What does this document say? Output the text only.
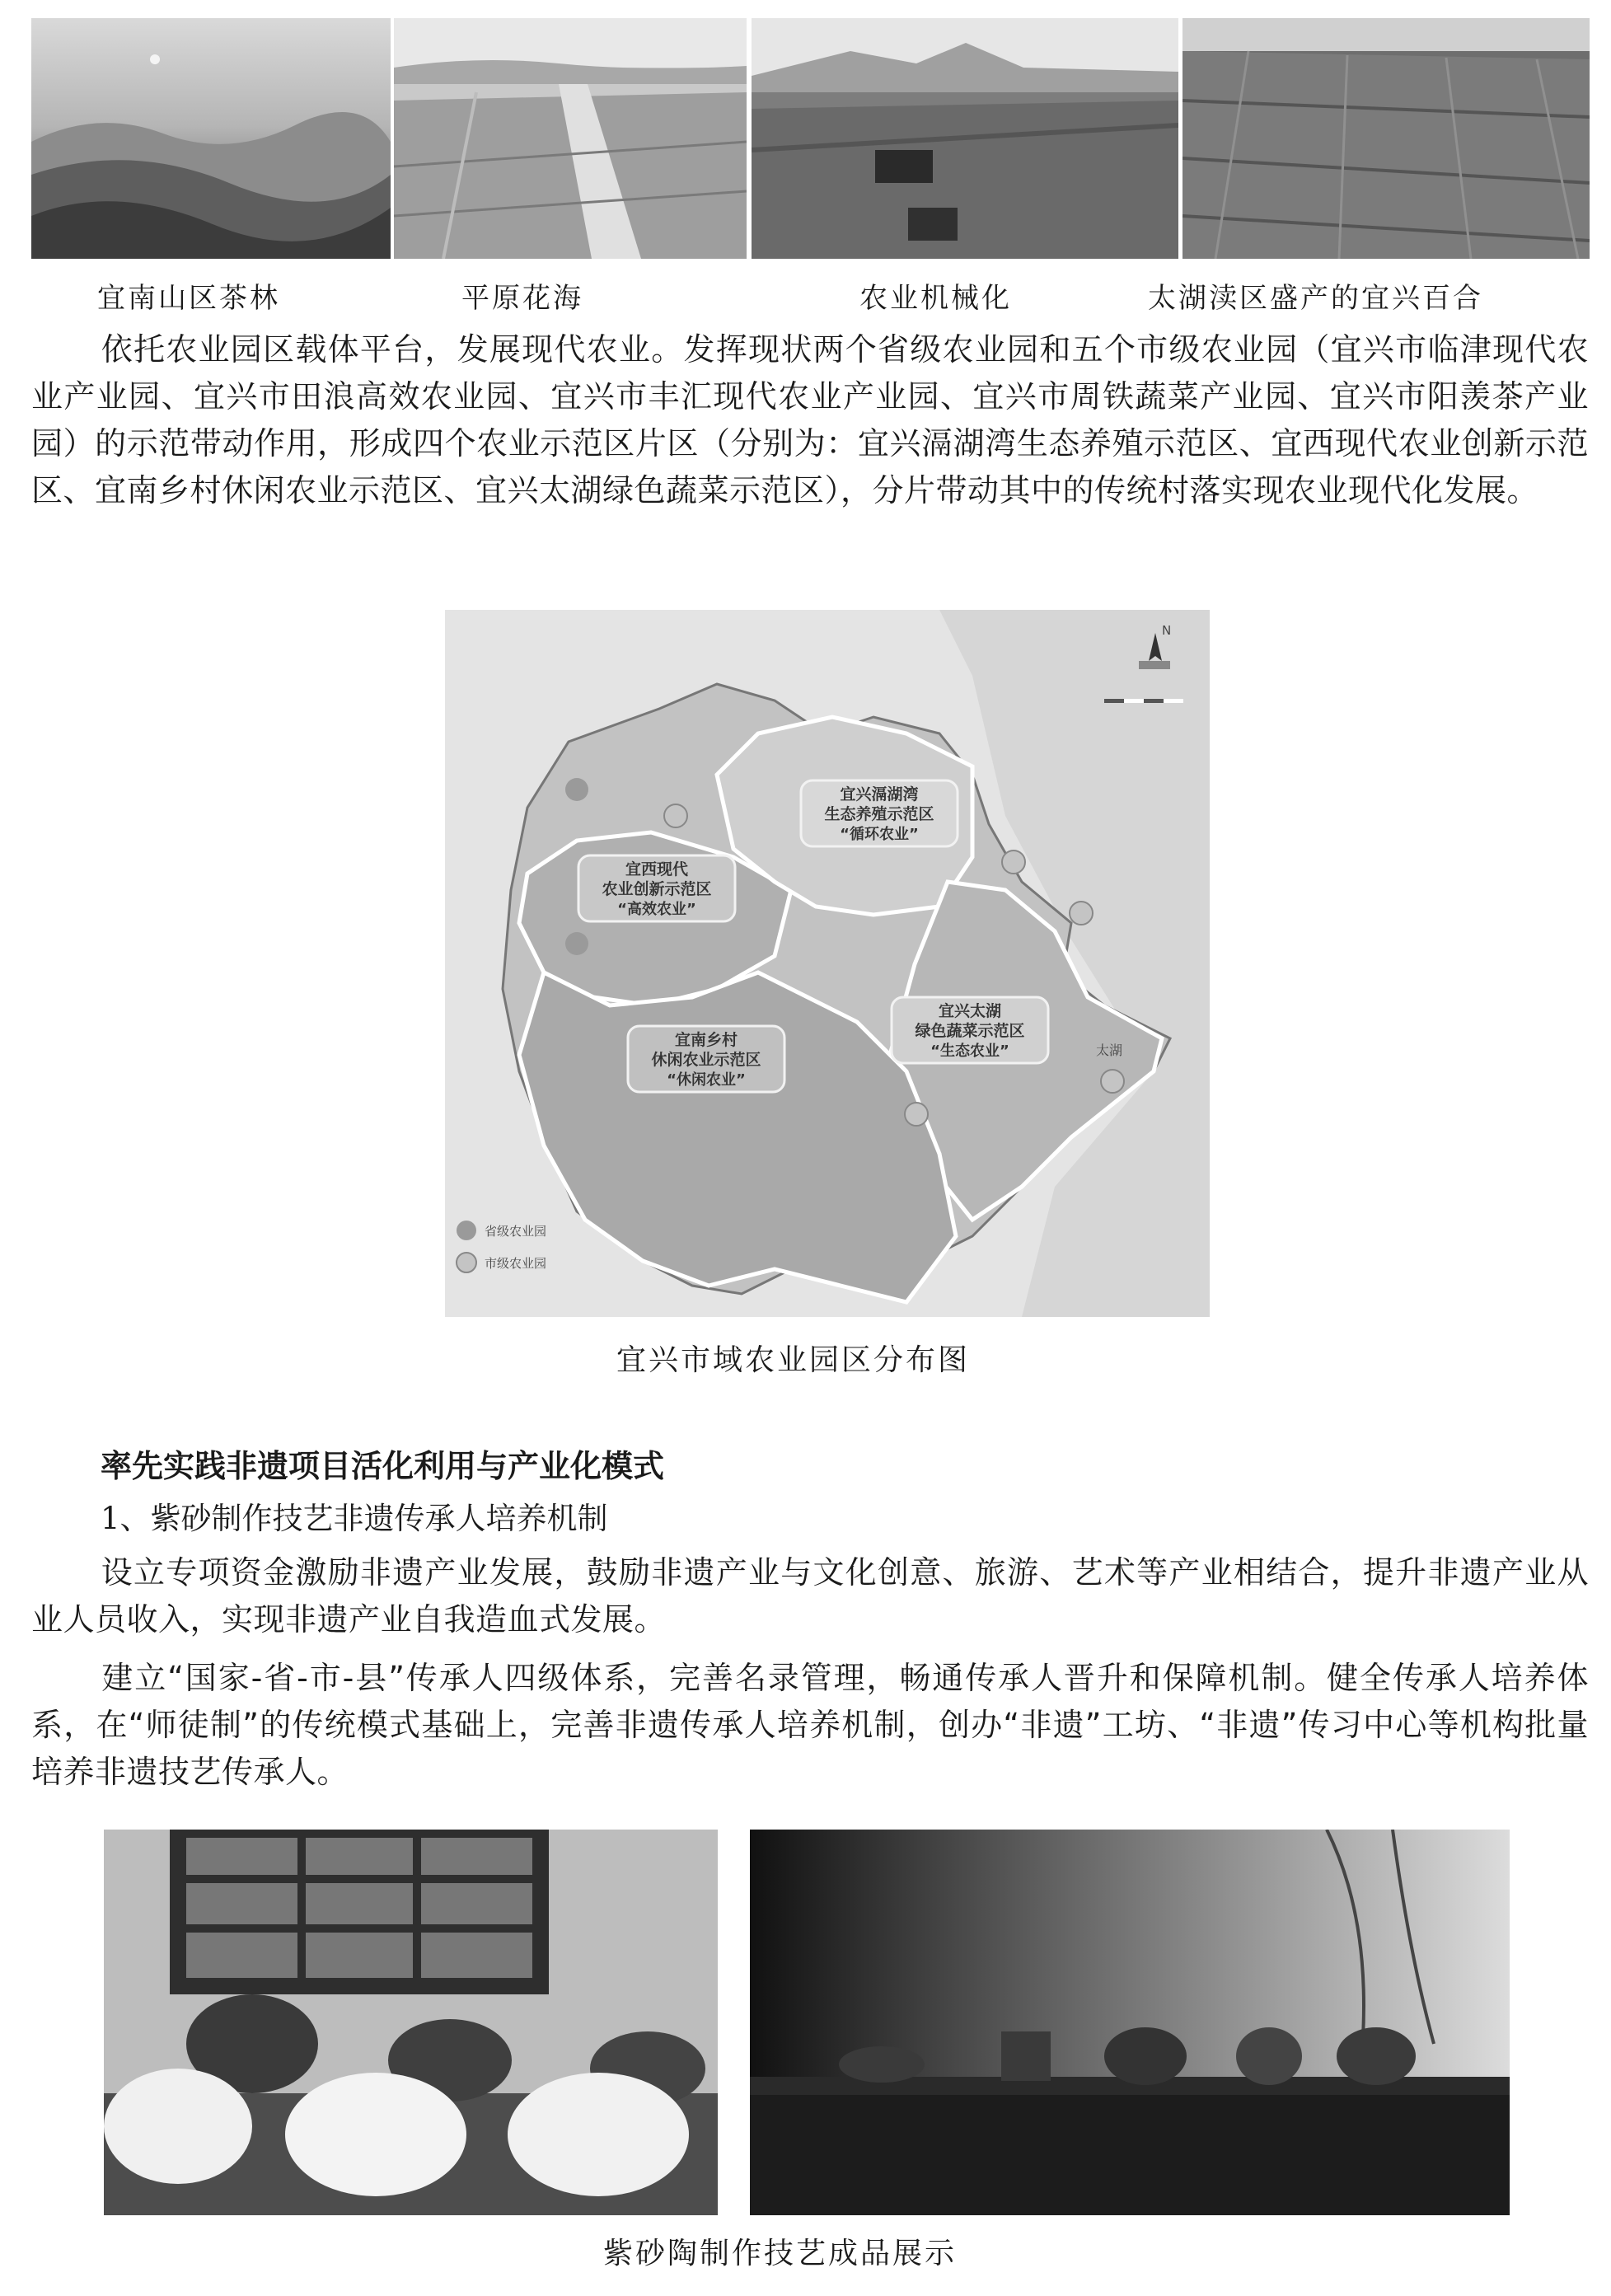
宜南山区茶林	平原花海	农业机械化	太湖渎区盛产的宜兴百合

依托农业园区载体平台，发展现代农业。发挥现状两个省级农业园和五个市级农业园（宜兴市临津现代农业产业园、宜兴市田浪高效农业园、宜兴市丰汇现代农业产业园、宜兴市周铁蔬菜产业园、宜兴市阳羡茶产业园）的示范带动作用，形成四个农业示范区片区（分别为：宜兴滆湖湾生态养殖示范区、宜西现代农业创新示范区、宜南乡村休闲农业示范区、宜兴太湖绿色蔬菜示范区），分片带动其中的传统村落实现农业现代化发展。

宜兴滆湖湾
生态养殖示范区
“循环农业”
宜西现代
农业创新示范区
“高效农业”
宜南乡村
休闲农业示范区
“休闲农业”
宜兴太湖
绿色蔬菜示范区
“生态农业”	太湖
N
省级农业园
市级农业园
宜兴市域农业园区分布图
率先实践非遗项目活化利用与产业化模式
1、紫砂制作技艺非遗传承人培养机制

设立专项资金激励非遗产业发展，鼓励非遗产业与文化创意、旅游、艺术等产业相结合，提升非遗产业从业人员收入，实现非遗产业自我造血式发展。

建立“国家-省-市-县”传承人四级体系，完善名录管理，畅通传承人晋升和保障机制。健全传承人培养体系，在“师徒制”的传统模式基础上，完善非遗传承人培养机制，创办“非遗”工坊、“非遗”传习中心等机构批量培养非遗技艺传承人。

紫砂陶制作技艺成品展示
